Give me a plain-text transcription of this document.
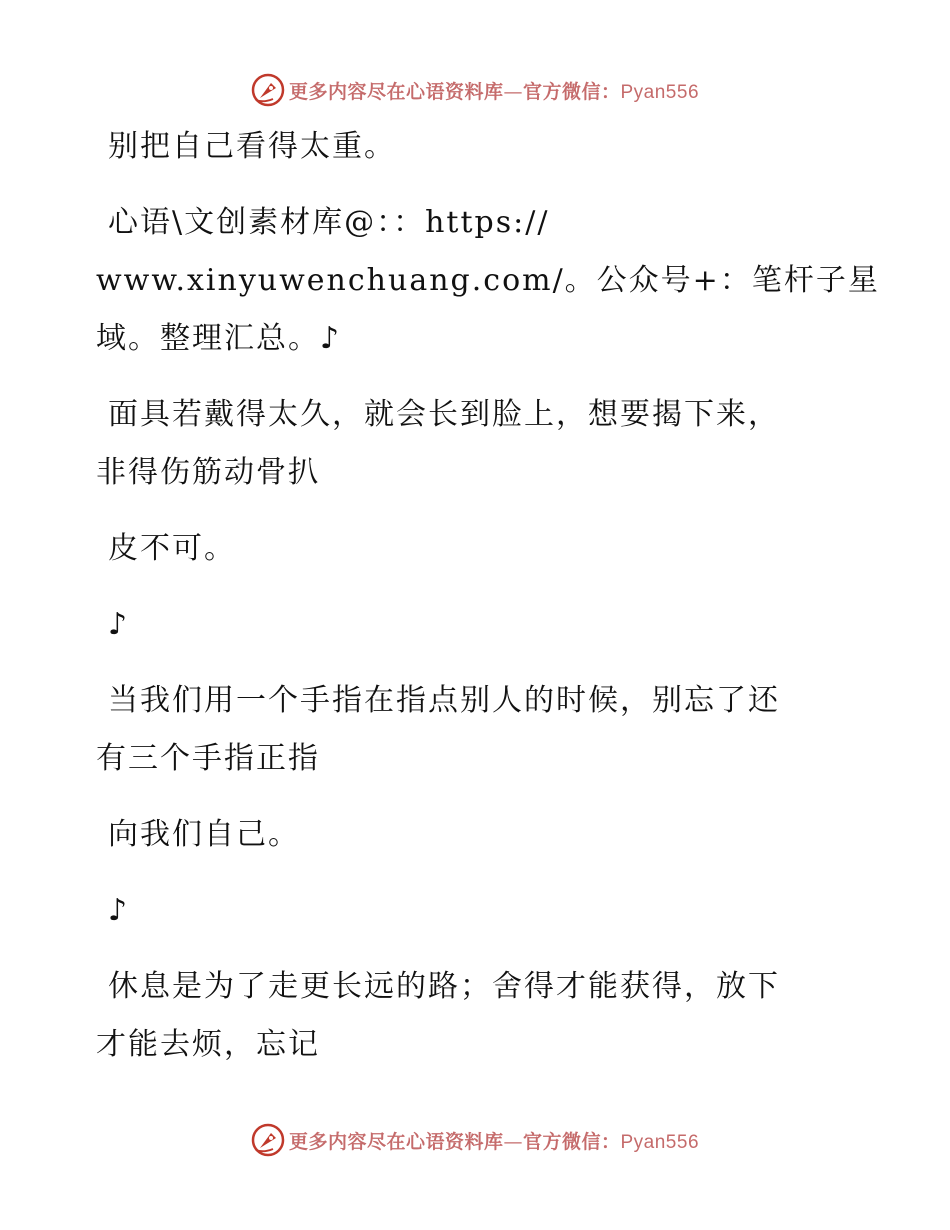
更多内容尽在心语资料库—官方微信：Pyan556

别把自己看得太重。

心语\文创素材库@：：https://

www.xinyuwenchuang.com/。公众号+：笔杆子星

域。整理汇总。♪

面具若戴得太久，就会长到脸上，想要揭下来，

非得伤筋动骨扒

皮不可。

♪

当我们用一个手指在指点别人的时候，别忘了还

有三个手指正指

向我们自己。

♪

休息是为了走更长远的路；舍得才能获得，放下

才能去烦，忘记

更多内容尽在心语资料库—官方微信：Pyan556
